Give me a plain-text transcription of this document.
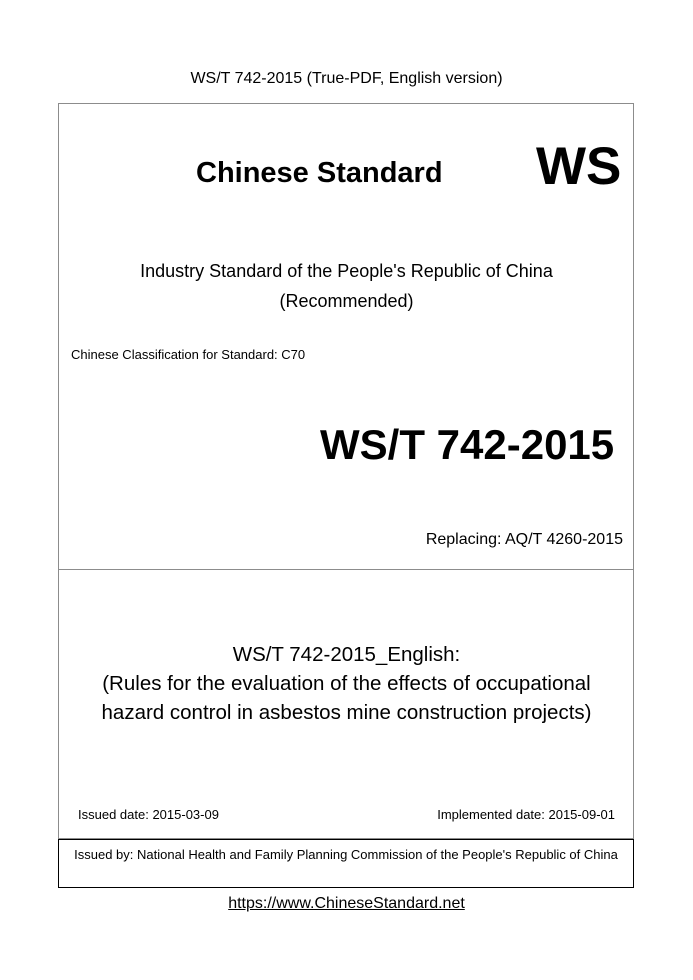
WS/T 742-2015 (True-PDF, English version)
Chinese Standard WS
Industry Standard of the People's Republic of China
(Recommended)
Chinese Classification for Standard: C70
WS/T 742-2015
Replacing: AQ/T 4260-2015
WS/T 742-2015_English:
(Rules for the evaluation of the effects of occupational
hazard control in asbestos mine construction projects)
Issued date: 2015-03-09	Implemented date: 2015-09-01
Issued by: National Health and Family Planning Commission of the People's Republic of China
https://www.ChineseStandard.net
